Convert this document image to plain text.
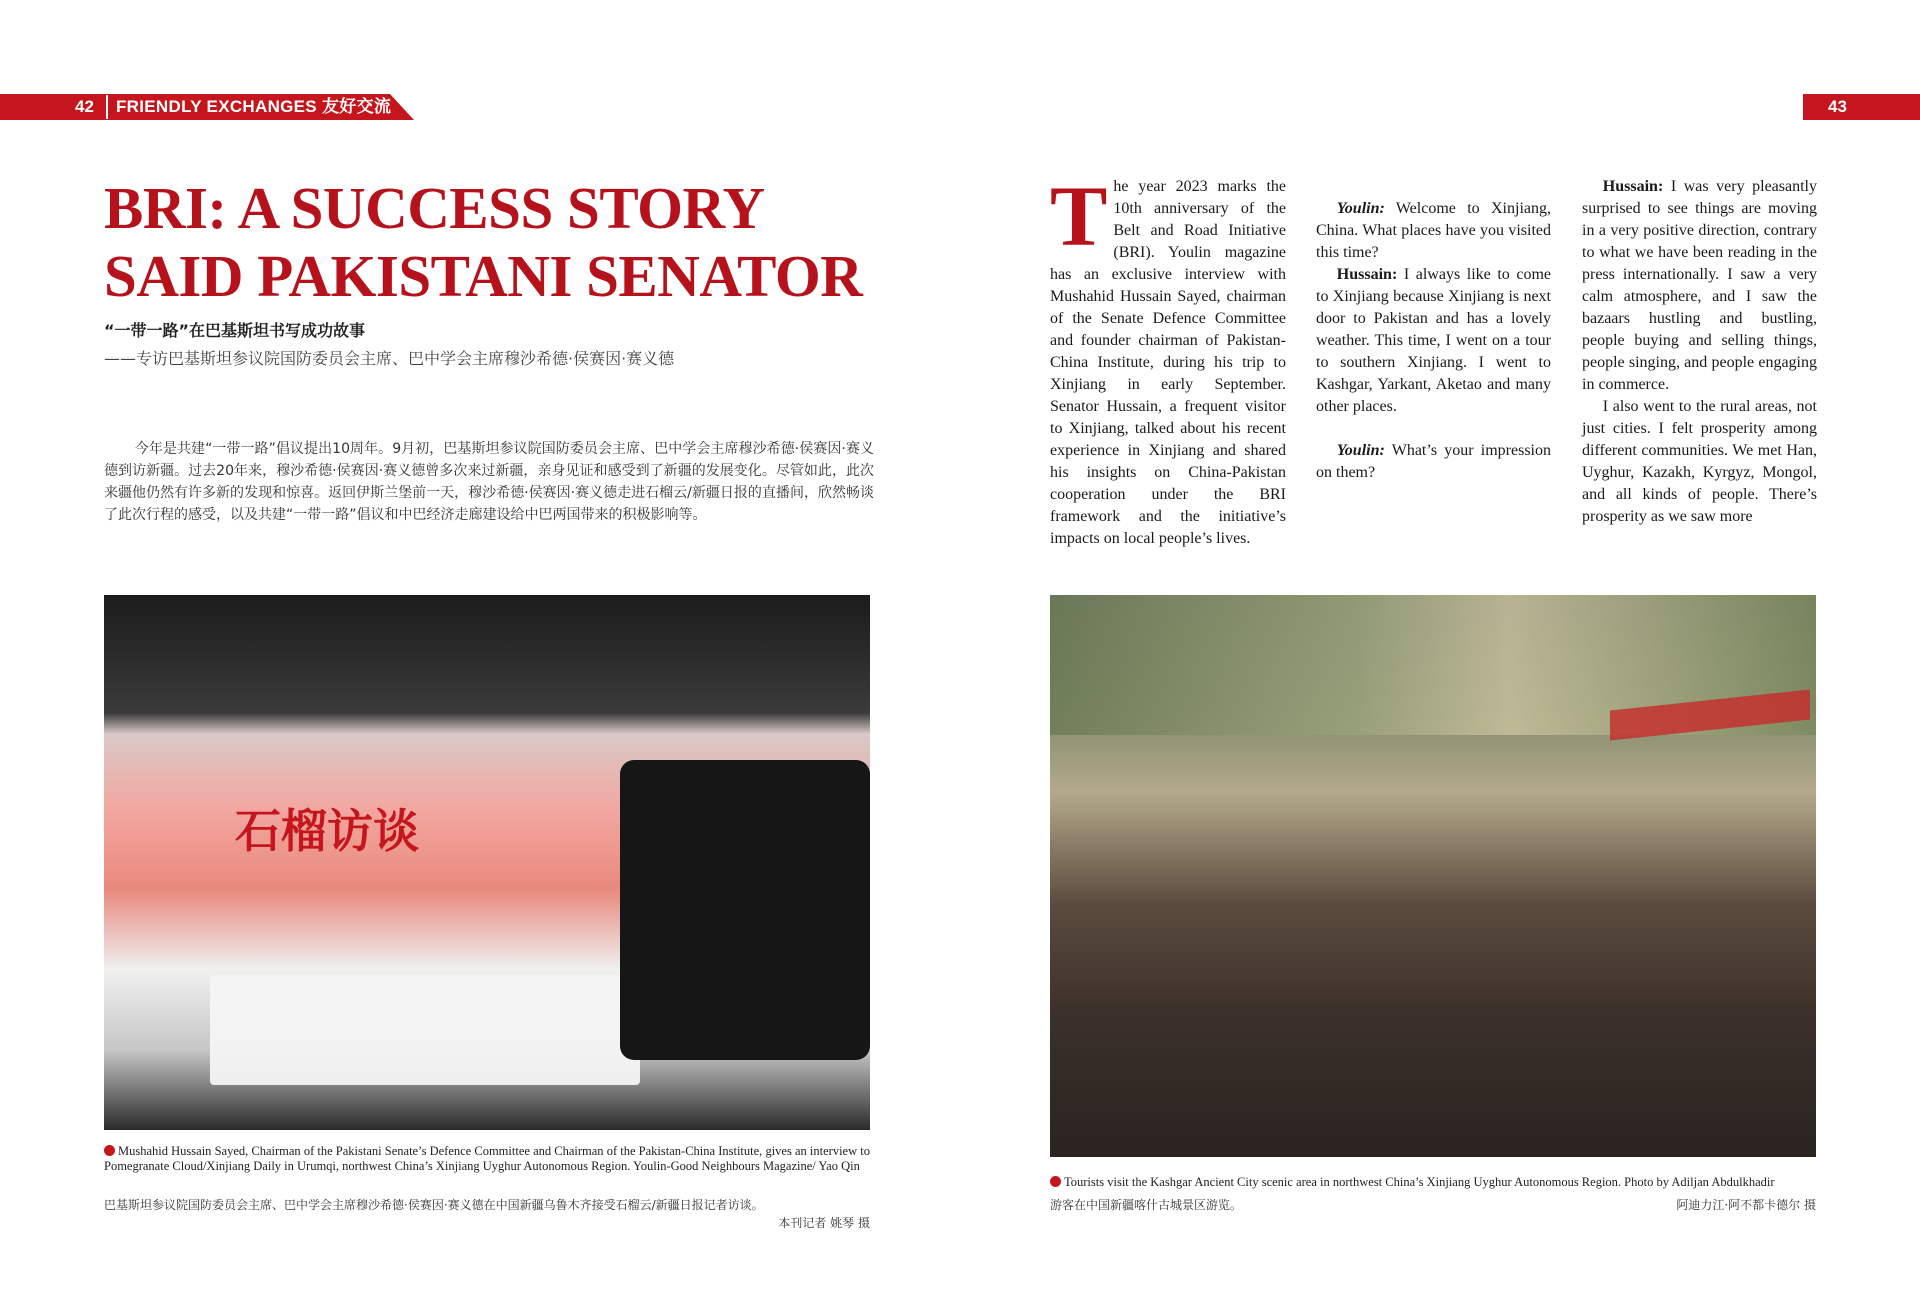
42	FRIENDLY EXCHANGES 友好交流	43
BRI: A SUCCESS STORY SAID PAKISTANI SENATOR
“一带一路”在巴基斯坦书写成功故事
——专访巴基斯坦参议院国防委员会主席、巴中学会主席穆沙希德·侯赛因·赛义德
今年是共建“一带一路”倡议提出10周年。9月初，巴基斯坦参议院国防委员会主席、巴中学会主席穆沙希德·侯赛因·赛义德到访新疆。过去20年来，穆沙希德·侯赛因·赛义德曾多次来过新疆，亲身见证和感受到了新疆的发展变化。尽管如此，此次来疆他仍然有许多新的发现和惊喜。返回伊斯兰堡前一天，穆沙希德·侯赛因·赛义德走进石榴云/新疆日报的直播间，欣然畅谈了此次行程的感受，以及共建“一带一路”倡议和中巴经济走廊建设给中巴两国带来的积极影响等。
石榴访谈
Mushahid Hussain Sayed, Chairman of the Pakistani Senate’s Defence Committee and Chairman of the Pakistan-China Institute, gives an interview to Pomegranate Cloud/Xinjiang Daily in Urumqi, northwest China’s Xinjiang Uyghur Autonomous Region. Youlin-Good Neighbours Magazine/ Yao Qin
巴基斯坦参议院国防委员会主席、巴中学会主席穆沙希德·侯赛因·赛义德在中国新疆乌鲁木齐接受石榴云/新疆日报记者访谈。
本刊记者 姚琴 摄
Tourists visit the Kashgar Ancient City scenic area in northwest China’s Xinjiang Uyghur Autonomous Region. Photo by Adiljan Abdulkhadir
游客在中国新疆喀什古城景区游览。	阿迪力江·阿不都卡德尔 摄

The year 2023 marks the 10th anniversary of the Belt and Road Initiative (BRI). Youlin magazine has an exclusive interview with Mushahid Hussain Sayed, chairman of the Senate Defence Committee and founder chairman of Pakistan-China Institute, during his trip to Xinjiang in early September. Senator Hussain, a frequent visitor to Xinjiang, talked about his recent experience in Xinjiang and shared his insights on China-Pakistan cooperation under the BRI framework and the initiative’s impacts on local people’s lives.

Youlin: Welcome to Xinjiang, China. What places have you visited this time?

Hussain: I always like to come to Xinjiang because Xinjiang is next door to Pakistan and has a lovely weather. This time, I went on a tour to southern Xinjiang. I went to Kashgar, Yarkant, Aketao and many other places.

Youlin: What’s your impression on them?

Hussain: I was very pleasantly surprised to see things are moving in a very positive direction, contrary to what we have been reading in the press internationally. I saw a very calm atmosphere, and I saw the bazaars hustling and bustling, people buying and selling things, people singing, and people engaging in commerce.

I also went to the rural areas, not just cities. I felt prosperity among different communities. We met Han, Uyghur, Kazakh, Kyrgyz, Mongol, and all kinds of people. There’s prosperity as we saw more
